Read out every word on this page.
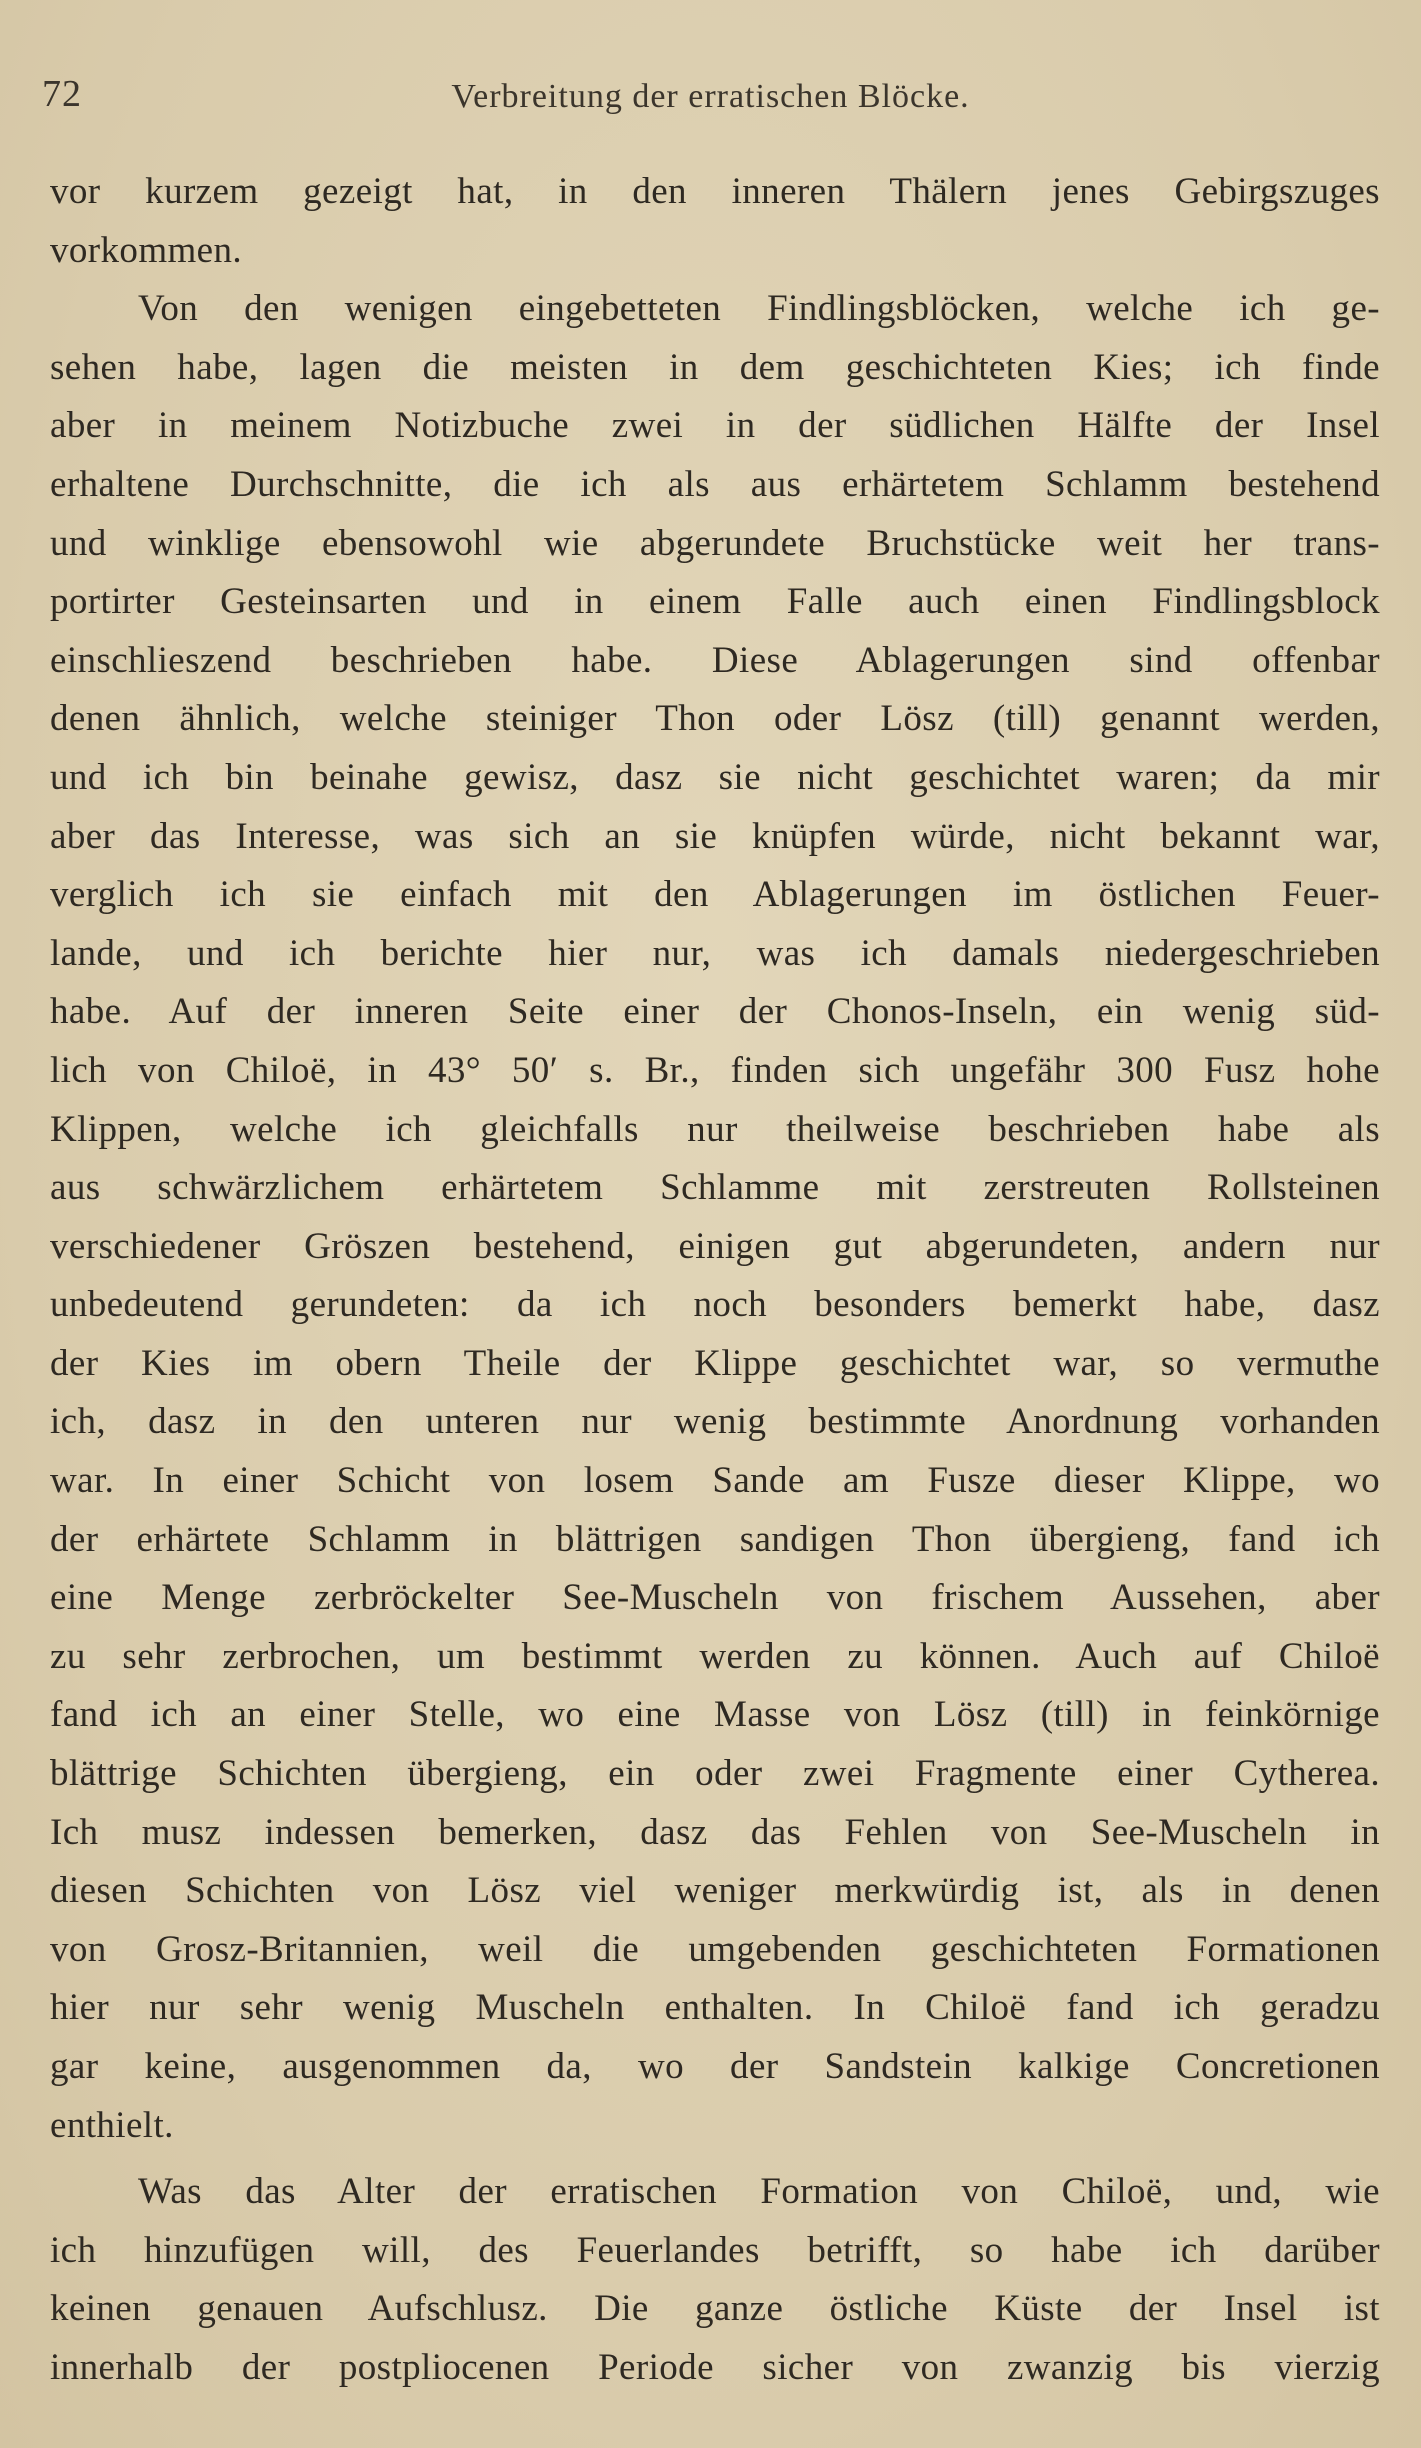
72	Verbreitung der erratischen Blöcke.
vor kurzem gezeigt hat, in den inneren Thälern jenes Gebirgszuges
vorkommen.
Von den wenigen eingebetteten Findlingsblöcken, welche ich ge-
sehen habe, lagen die meisten in dem geschichteten Kies; ich finde
aber in meinem Notizbuche zwei in der südlichen Hälfte der Insel
erhaltene Durchschnitte, die ich als aus erhärtetem Schlamm bestehend
und winklige ebensowohl wie abgerundete Bruchstücke weit her trans-
portirter Gesteinsarten und in einem Falle auch einen Findlingsblock
einschlieszend beschrieben habe. Diese Ablagerungen sind offenbar
denen ähnlich, welche steiniger Thon oder Lösz (till) genannt werden,
und ich bin beinahe gewisz, dasz sie nicht geschichtet waren; da mir
aber das Interesse, was sich an sie knüpfen würde, nicht bekannt war,
verglich ich sie einfach mit den Ablagerungen im östlichen Feuer-
lande, und ich berichte hier nur, was ich damals niedergeschrieben
habe. Auf der inneren Seite einer der Chonos-Inseln, ein wenig süd-
lich von Chiloë, in 43° 50′ s. Br., finden sich ungefähr 300 Fusz hohe
Klippen, welche ich gleichfalls nur theilweise beschrieben habe als
aus schwärzlichem erhärtetem Schlamme mit zerstreuten Rollsteinen
verschiedener Gröszen bestehend, einigen gut abgerundeten, andern nur
unbedeutend gerundeten: da ich noch besonders bemerkt habe, dasz
der Kies im obern Theile der Klippe geschichtet war, so vermuthe
ich, dasz in den unteren nur wenig bestimmte Anordnung vorhanden
war. In einer Schicht von losem Sande am Fusze dieser Klippe, wo
der erhärtete Schlamm in blättrigen sandigen Thon übergieng, fand ich
eine Menge zerbröckelter See-Muscheln von frischem Aussehen, aber
zu sehr zerbrochen, um bestimmt werden zu können. Auch auf Chiloë
fand ich an einer Stelle, wo eine Masse von Lösz (till) in feinkörnige
blättrige Schichten übergieng, ein oder zwei Fragmente einer Cytherea.
Ich musz indessen bemerken, dasz das Fehlen von See-Muscheln in
diesen Schichten von Lösz viel weniger merkwürdig ist, als in denen
von Grosz-Britannien, weil die umgebenden geschichteten Formationen
hier nur sehr wenig Muscheln enthalten. In Chiloë fand ich geradzu
gar keine, ausgenommen da, wo der Sandstein kalkige Concretionen
enthielt.
Was das Alter der erratischen Formation von Chiloë, und, wie
ich hinzufügen will, des Feuerlandes betrifft, so habe ich darüber
keinen genauen Aufschlusz. Die ganze östliche Küste der Insel ist
innerhalb der postpliocenen Periode sicher von zwanzig bis vierzig
